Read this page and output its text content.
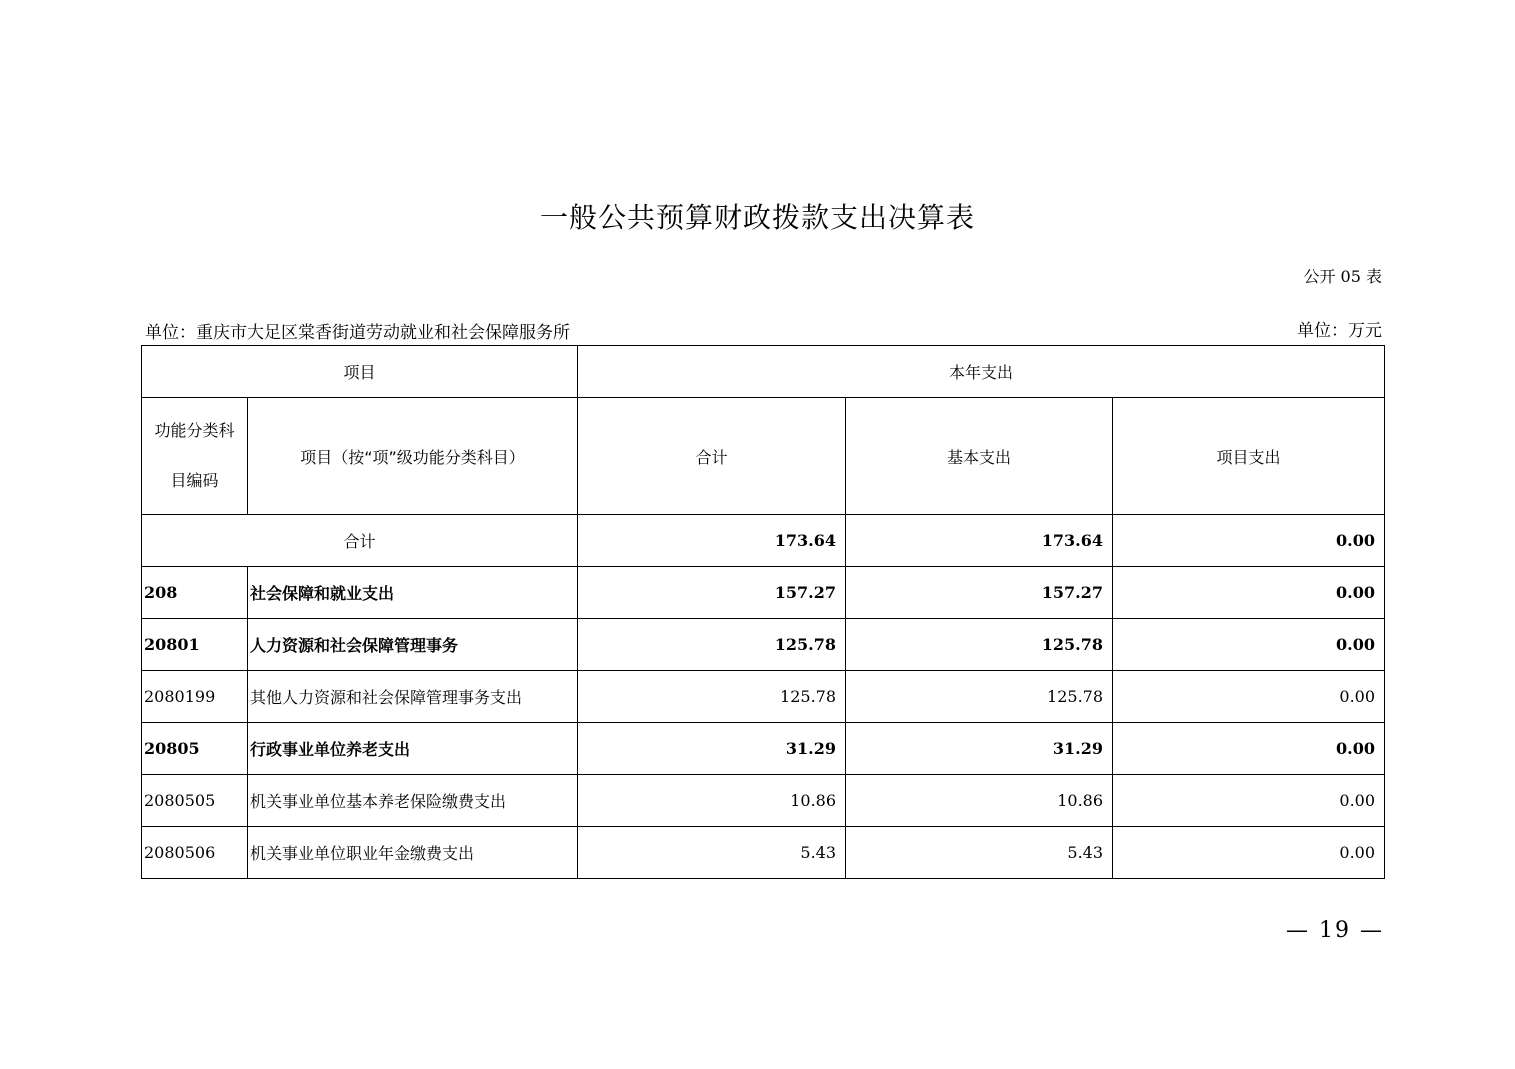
一般公共预算财政拨款支出决算表
公开 05 表
单位：重庆市大足区棠香街道劳动就业和社会保障服务所	单位：万元
项目		本年支出		
功能分类科
目编码	项目（按“项”级功能分类科目）	合计	基本支出	项目支出
合计		173.64	173.64	0.00
208	社会保障和就业支出	157.27	157.27	0.00
20801	人力资源和社会保障管理事务	125.78	125.78	0.00
2080199	其他人力资源和社会保障管理事务支出	125.78	125.78	0.00
20805	行政事业单位养老支出	31.29	31.29	0.00
2080505	机关事业单位基本养老保险缴费支出	10.86	10.86	0.00
2080506	机关事业单位职业年金缴费支出	5.43	5.43	0.00
— 19 —
